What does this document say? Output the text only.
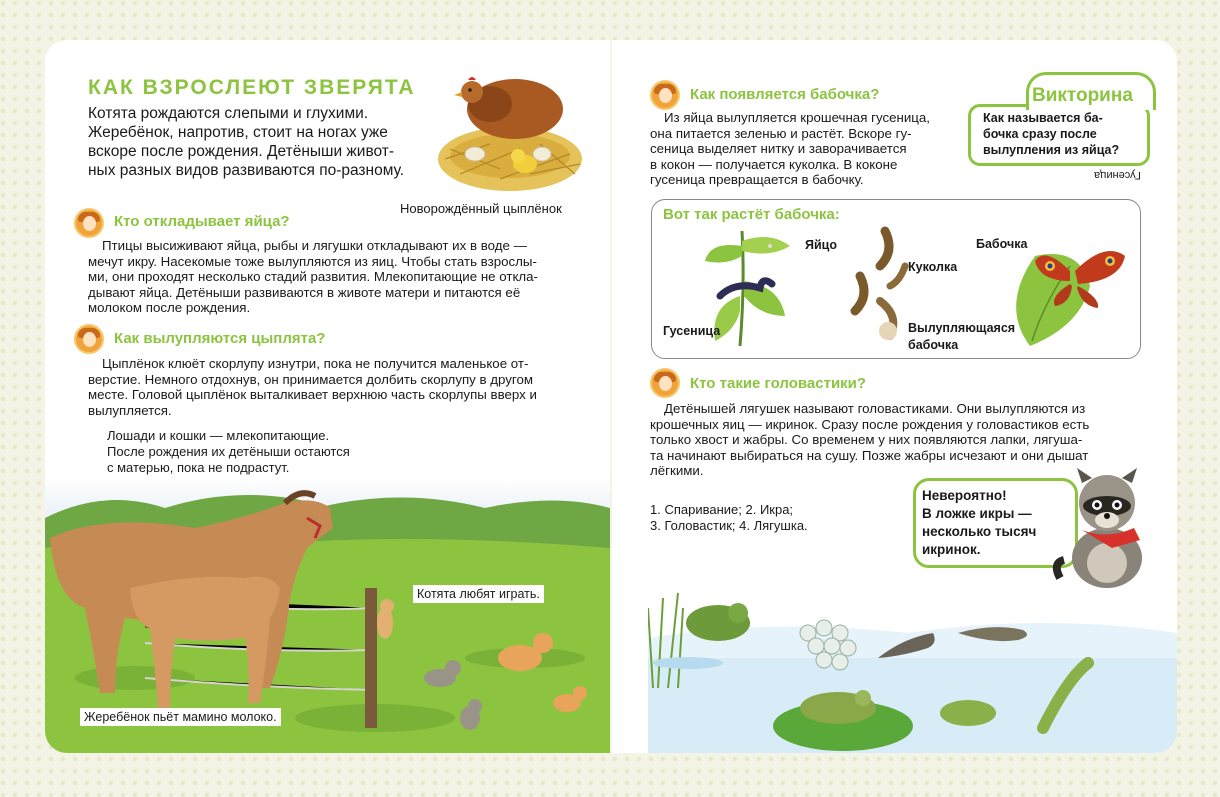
КАК ВЗРОСЛЕЮТ ЗВЕРЯТА
Котята рождаются слепыми и глухими.
Жеребёнок, напротив, стоит на ногах уже
вскоре после рождения. Детёныши живот-
ных разных видов развиваются по-разному.
Новорождённый цыплёнок
Кто откладывает яйца?
Птицы высиживают яйца, рыбы и лягушки откладывают их в воде —
мечут икру. Насекомые тоже вылупляются из яиц. Чтобы стать взрослы-
ми, они проходят несколько стадий развития. Млекопитающие не откла-
дывают яйца. Детёныши развиваются в животе матери и питаются её
молоком после рождения.
Как вылупляются цыплята?
Цыплёнок клюёт скорлупу изнутри, пока не получится маленькое от-
верстие. Немного отдохнув, он принимается долбить скорлупу в другом
месте. Головой цыплёнок выталкивает верхнюю часть скорлупы вверх и
вылупляется.
Лошади и кошки — млекопитающие.
После рождения их детёныши остаются
с матерью, пока не подрастут.
Котята любят играть.
Жеребёнок пьёт мамино молоко.
Как появляется бабочка?
Из яйца вылупляется крошечная гусеница,
она питается зеленью и растёт. Вскоре гу-
сеница выделяет нитку и заворачивается
в кокон — получается куколка. В коконе
гусеница превращается в бабочку.
Викторина
Как называется ба-
бочка сразу после
вылупления из яйца?
Гусеница
Вот так растёт бабочка:
Яйцо
Куколка
Бабочка
Гусеница	Вылупляющаяся
бабочка
Кто такие головастики?
Детёнышей лягушек называют головастиками. Они вылупляются из
крошечных яиц — икринок. Сразу после рождения у головастиков есть
только хвост и жабры. Со временем у них появляются лапки, лягуша-
та начинают выбираться на сушу. Позже жабры исчезают и они дышат
лёгкими.
1. Спаривание; 2. Икра;
3. Головастик; 4. Лягушка.
Невероятно!
В ложке икры —
несколько тысяч
икринок.
